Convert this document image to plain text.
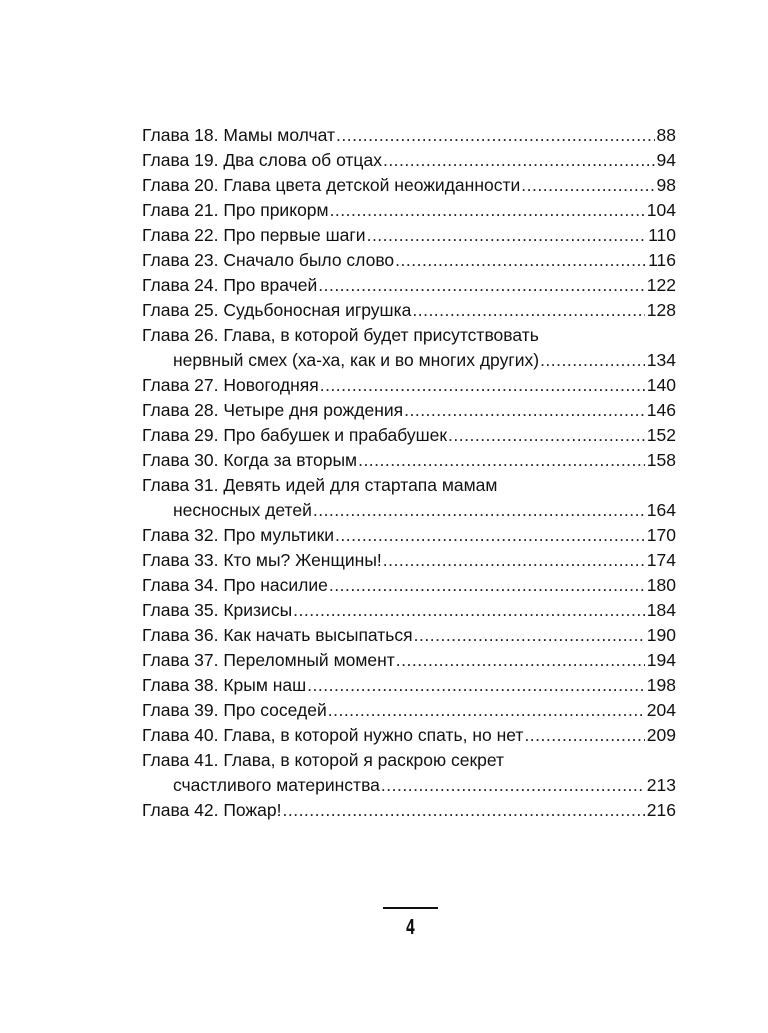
Глава 18. Мамы молчат .....	88
Глава 19. Два слова об отцах .....	94
Глава 20. Глава цвета детской неожиданности .....	98
Глава 21. Про прикорм .....	104
Глава 22. Про первые шаги .....	110
Глава 23. Сначало было слово .....	116
Глава 24. Про врачей .....	122
Глава 25. Судьбоносная игрушка .....	128
Глава 26. Глава, в которой будет присутствовать
нервный смех (ха-ха, как и во многих других) .....	134
Глава 27. Новогодняя .....	140
Глава 28. Четыре дня рождения .....	146
Глава 29. Про бабушек и прабабушек .....	152
Глава 30. Когда за вторым .....	158
Глава 31. Девять идей для стартапа мамам
несносных детей .....	164
Глава 32. Про мультики .....	170
Глава 33. Кто мы? Женщины! .....	174
Глава 34. Про насилие .....	180
Глава 35. Кризисы .....	184
Глава 36. Как начать высыпаться .....	190
Глава 37. Переломный момент .....	194
Глава 38. Крым наш .....	198
Глава 39. Про соседей .....	204
Глава 40. Глава, в которой нужно спать, но нет .....	209
Глава 41. Глава, в которой я раскрою секрет
счастливого материнства .....	213
Глава 42. Пожар! .....	216
4
